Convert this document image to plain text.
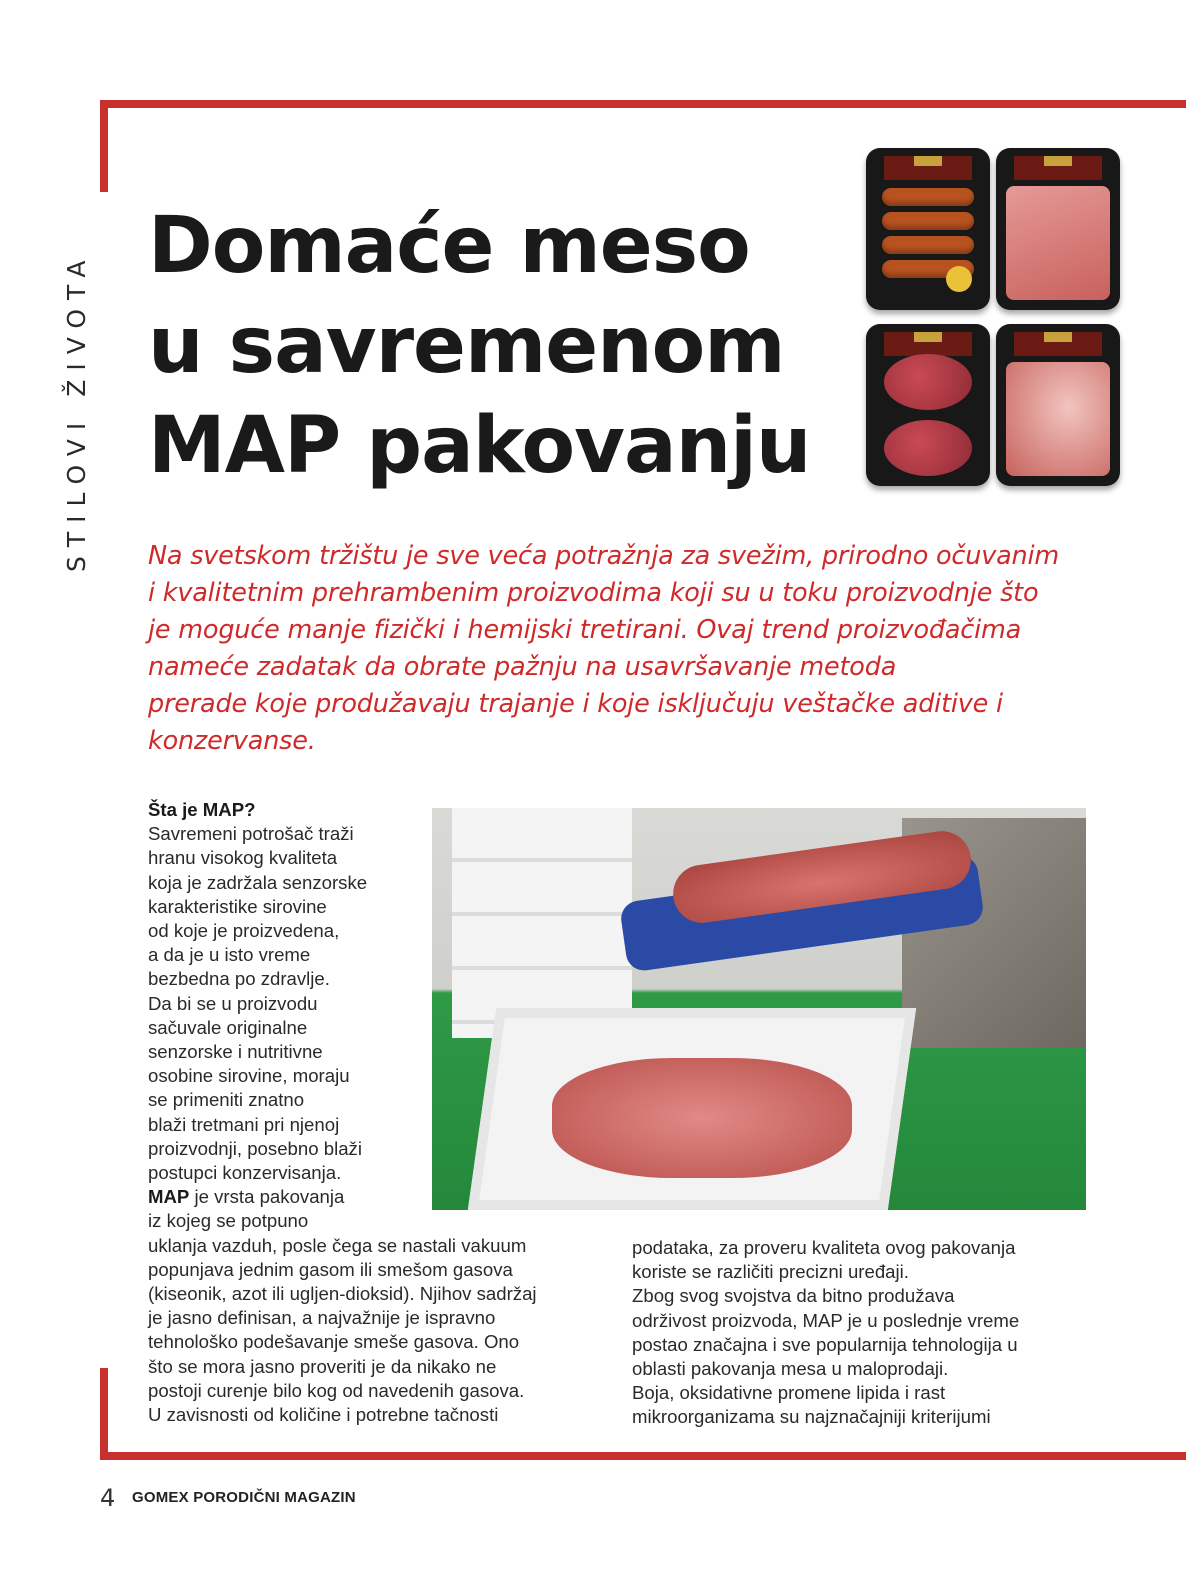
STILOVI ŽIVOTA
Domaće meso
u savremenom
MAP pakovanju

Na svetskom tržištu je sve veća potražnja za svežim, prirodno očuvanim
i kvalitetnim prehrambenim proizvodima koji su u toku proizvodnje što
je moguće manje fizički i hemijski tretirani. Ovaj trend proizvođačima
nameće zadatak da obrate pažnju na usavršavanje metoda
prerade koje produžavaju trajanje i koje isključuju veštačke aditive i
konzervanse.

Šta je MAP?
Savremeni potrošač traži
hranu visokog kvaliteta
koja je zadržala senzorske
karakteristike sirovine
od koje je proizvedena,
a da je u isto vreme
bezbedna po zdravlje.
Da bi se u proizvodu
sačuvale originalne
senzorske i nutritivne
osobine sirovine, moraju
se primeniti znatno
blaži tretmani pri njenoj
proizvodnji, posebno blaži
postupci konzervisanja.
MAP je vrsta pakovanja
iz kojeg se potpuno
uklanja vazduh, posle čega se nastali vakuum
popunjava jednim gasom ili smešom gasova
(kiseonik, azot ili ugljen-dioksid). Njihov sadržaj
je jasno definisan, a najvažnije je ispravno
tehnološko podešavanje smeše gasova. Ono
što se mora jasno proveriti je da nikako ne
postoji curenje bilo kog od navedenih gasova.
U zavisnosti od količine i potrebne tačnosti
podataka, za proveru kvaliteta ovog pakovanja
koriste se različiti precizni uređaji.
Zbog svog svojstva da bitno produžava
održivost proizvoda, MAP je u poslednje vreme
postao značajna i sve popularnija tehnologija u
oblasti pakovanja mesa u maloprodaji.
Boja, oksidativne promene lipida i rast
mikroorganizama su najznačajniji kriterijumi
4 GOMEX PORODIČNI MAGAZIN
